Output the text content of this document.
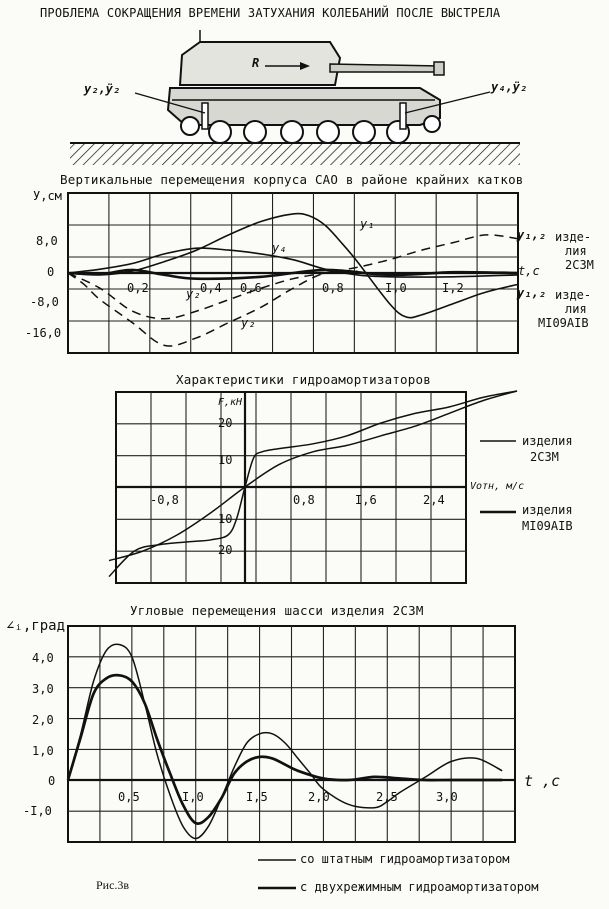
ПРОБЛЕМА СОКРАЩЕНИЯ ВРЕМЕНИ ЗАТУХАНИЯ КОЛЕБАНИЙ ПОСЛЕ ВЫСТРЕЛА
y₂,ÿ₂	y₄,ÿ₂
R
Вертикальные перемещения корпуса САО в районе крайних катков
У,см
t,c
8,0
0
-8,0
-16,0
0,2	0,4 0,6	0,8	I,0	I,2
y₁
y₄
y₂
y₂
y₁,₂ изде-
лия
2С3М
y₁,₂ изде-
лия
МI09АIВ
Характеристики гидроамортизаторов
F,кН
Vотн, м/с
20
10
10
20
-0,8	0,8	I,6	2,4
изделия
2С3М
изделия
МI09АIВ
Угловые перемещения шасси изделия 2С3М
∠ᵢ,град
t ,c
4,0
3,0
2,0
1,0
0
-I,0
0,5	I,0	I,5	2,0	2,5	3,0
со штатным гидроамортизатором
с двухрежимным гидроамортизатором
Рис.3в
